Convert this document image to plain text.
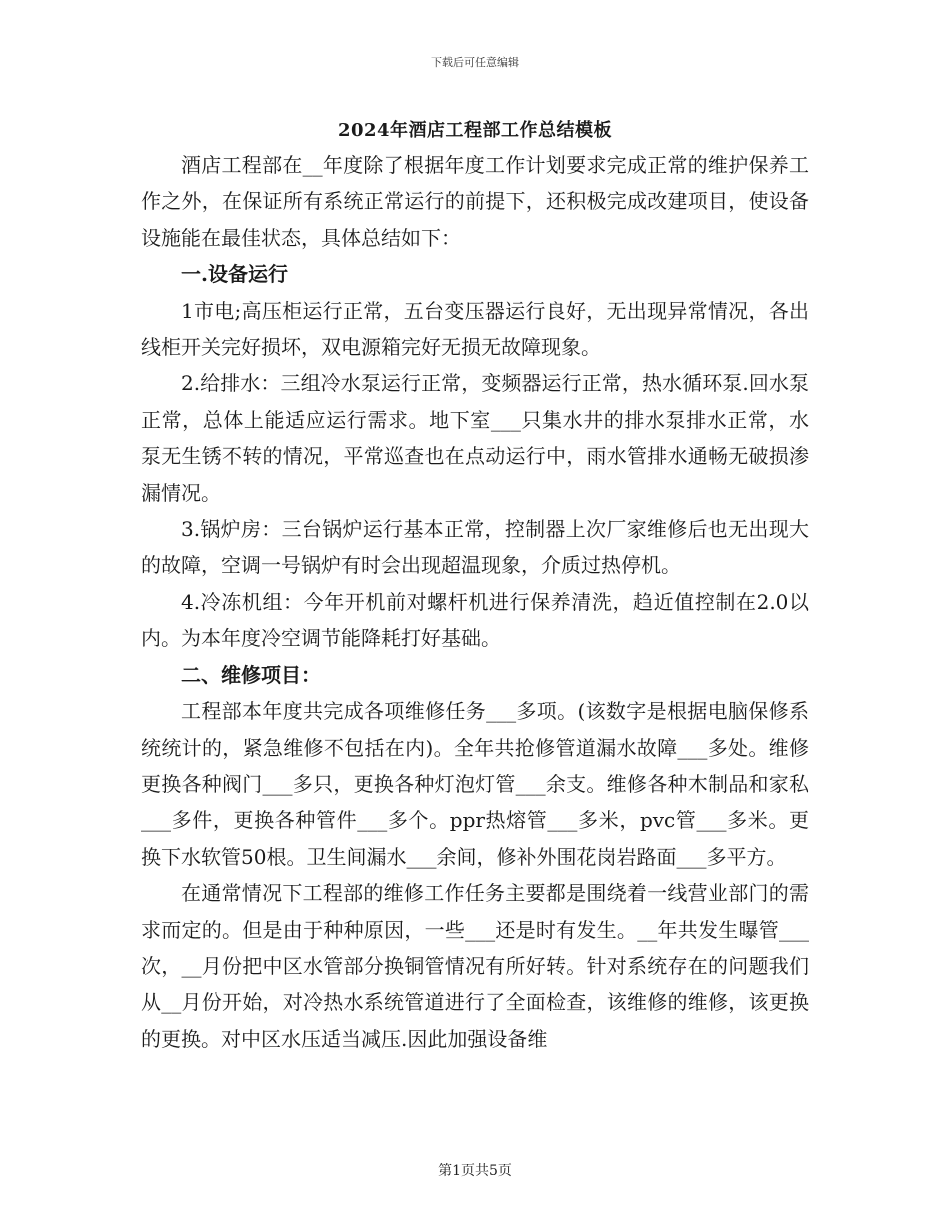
下载后可任意编辑
2024年酒店工程部工作总结模板

酒店工程部在__年度除了根据年度工作计划要求完成正常的维护保养工作之外，在保证所有系统正常运行的前提下，还积极完成改建项目，使设备设施能在最佳状态，具体总结如下：

一.设备运行

1市电;高压柜运行正常，五台变压器运行良好，无出现异常情况，各出线柜开关完好损坏，双电源箱完好无损无故障现象。

2.给排水：三组冷水泵运行正常，变频器运行正常，热水循环泵.回水泵正常，总体上能适应运行需求。地下室___只集水井的排水泵排水正常，水泵无生锈不转的情况，平常巡查也在点动运行中，雨水管排水通畅无破损渗漏情况。

3.锅炉房：三台锅炉运行基本正常，控制器上次厂家维修后也无出现大的故障，空调一号锅炉有时会出现超温现象，介质过热停机。

4.冷冻机组：今年开机前对螺杆机进行保养清洗，趋近值控制在2.0以内。为本年度冷空调节能降耗打好基础。

二、维修项目：

工程部本年度共完成各项维修任务___多项。(该数字是根据电脑保修系统统计的，紧急维修不包括在内)。全年共抢修管道漏水故障___多处。维修更换各种阀门___多只，更换各种灯泡灯管___余支。维修各种木制品和家私___多件，更换各种管件___多个。ppr热熔管___多米，pvc管___多米。更换下水软管50根。卫生间漏水___余间，修补外围花岗岩路面___多平方。

在通常情况下工程部的维修工作任务主要都是围绕着一线营业部门的需求而定的。但是由于种种原因，一些___还是时有发生。__年共发生曝管___次，__月份把中区水管部分换铜管情况有所好转。针对系统存在的问题我们从__月份开始，对冷热水系统管道进行了全面检查，该维修的维修，该更换的更换。对中区水压适当减压.因此加强设备维

第1页共5页
